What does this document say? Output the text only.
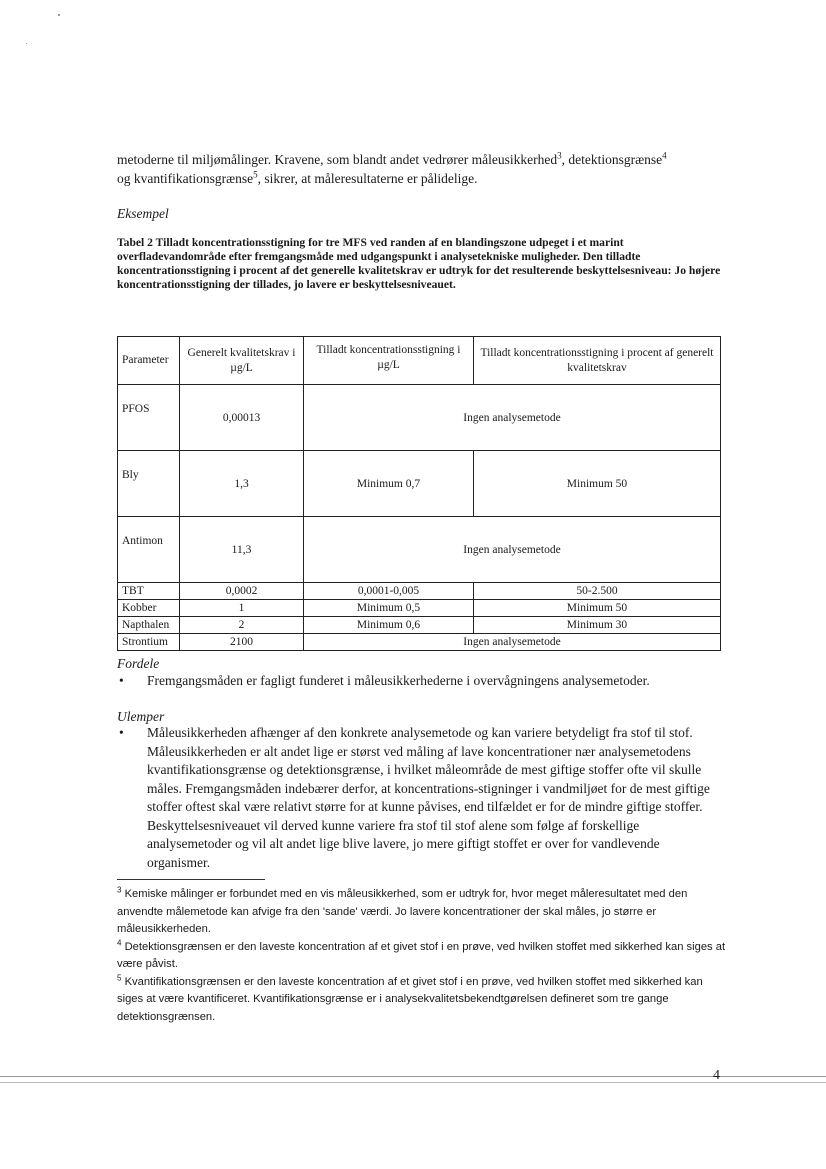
metoderne til miljømålinger. Kravene, som blandt andet vedrører måleusikkerhed$^3$, detektionsgrænse$^4$
og kvantifikationsgrænse$^5$, sikrer, at måleresultaterne er pålidelige.
Eksempel
Tabel 2 Tilladt koncentrationsstigning for tre MFS ved randen af en blandingszone udpeget i et marint overfladevandområde efter fremgangsmåde med udgangspunkt i analysetekniske muligheder. Den tilladte koncentrationsstigning i procent af det generelle kvalitetskrav er udtryk for det resulterende beskyttelsesniveau: Jo højere koncentrationsstigning der tillades, jo lavere er beskyttelsesniveauet.
Parameter	Generelt kvalitetskrav i µg/L	Tilladt koncentrationsstigning i µg/L	Tilladt koncentrationsstigning i procent af generelt kvalitetskrav
PFOS	0,00013	Ingen analysemetode	
Bly	1,3	Minimum 0,7	Minimum 50
Antimon	11,3	Ingen analysemetode	
TBT	0,0002	0,0001-0,005	50-2.500
Kobber	1	Minimum 0,5	Minimum 50
Napthalen	2	Minimum 0,6	Minimum 30
Strontium	2100	Ingen analysemetode	
Fordele
•	Fremgangsmåden er fagligt funderet i måleusikkerhederne i overvågningens analysemetoder.
Ulemper
•	Måleusikkerheden afhænger af den konkrete analysemetode og kan variere betydeligt fra stof til stof. Måleusikkerheden er alt andet lige er størst ved måling af lave koncentrationer nær analysemetodens kvantifikationsgrænse og detektionsgrænse, i hvilket måleområde de mest giftige stoffer ofte vil skulle måles. Fremgangsmåden indebærer derfor, at koncentrations-stigninger i vandmiljøet for de mest giftige stoffer oftest skal være relativt større for at kunne påvises, end tilfældet er for de mindre giftige stoffer. Beskyttelsesniveauet vil derved kunne variere fra stof til stof alene som følge af forskellige analysemetoder og vil alt andet lige blive lavere, jo mere giftigt stoffet er over for vandlevende organismer.
$^3$ Kemiske målinger er forbundet med en vis måleusikkerhed, som er udtryk for, hvor meget måleresultatet med den anvendte målemetode kan afvige fra den 'sande' værdi. Jo lavere koncentrationer der skal måles, jo større er måleusikkerheden.
$^4$ Detektionsgrænsen er den laveste koncentration af et givet stof i en prøve, ved hvilken stoffet med sikkerhed kan siges at være påvist.
$^5$ Kvantifikationsgrænsen er den laveste koncentration af et givet stof i en prøve, ved hvilken stoffet med sikkerhed kan siges at være kvantificeret. Kvantifikationsgrænse er i analysekvalitetsbekendtgørelsen defineret som tre gange detektionsgrænsen.
4
